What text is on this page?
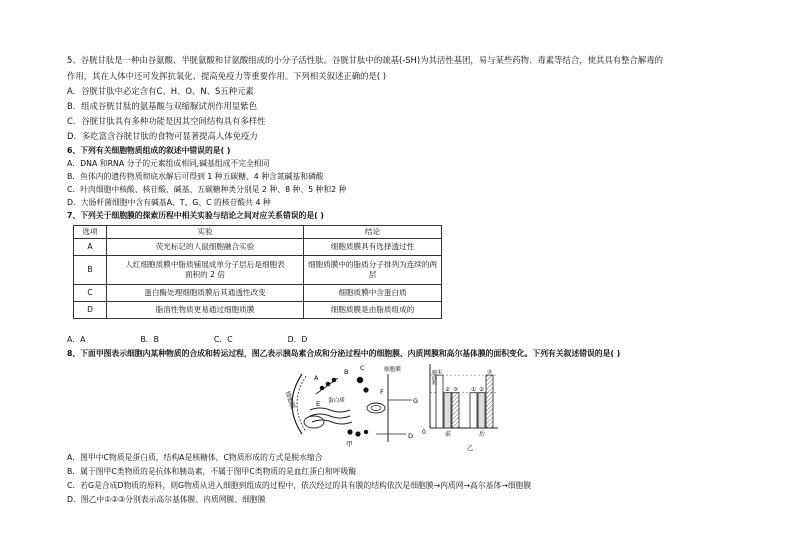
5、谷胱甘肽是一种由谷氨酸、半胱氨酸和甘氨酸组成的小分子活性肽。谷胱甘肽中的巯基(-SH)为其活性基团，易与某些药物、毒素等结合，使其具有整合解毒的
作用，其在人体中还可发挥抗氧化、提高免疫力等重要作用。下列相关叙述正确的是( )
A．谷胱甘肽中必定含有C、H、O、N、S五种元素
B．组成谷胱甘肽的氨基酸与双缩脲试剂作用显紫色
C．谷胱甘肽具有多种功能是因其空间结构具有多样性
D．多吃富含谷胱甘肽的食物可显著提高人体免疫力
6、下列有关细胞物质组成的叙述中错误的是( )
A．DNA 和RNA 分子的元素组成相同,碱基组成不完全相同
B．鱼体内的遗传物质彻底水解后可得到 1 种五碳糖、4 种含氮碱基和磷酸
C．叶肉细胞中核酸、核苷酸、碱基、五碳糖种类分别是 2 种、8 种、5 种和2 种
D．大肠杆菌细胞中含有碱基A、T、G、C 的核苷酸共 4 种
7、下列关于细胞膜的探索历程中相关实验与结论之间对应关系错误的是( )
选项	实验	结论
A	荧光标记的人鼠细胞融合实验	细胞质膜具有选择透过性
B	人红细胞质膜中脂质铺展成单分子层后是细胞表
面积的 2 倍	细胞质膜中的脂质分子排列为连续的两
层
C	蛋白酶处理细胞质膜后其通透性改变	细胞质膜中含蛋白质
D	脂溶性物质更易通过细胞质膜	细胞质膜是由脂质组成的
A．A	B．B	C．C	D．D
8、下面甲图表示细胞内某种物质的合成和转运过程，图乙表示胰岛素合成和分泌过程中的细胞膜、内质网膜和高尔基体膜的面积变化。下列有关叙述错误的是( )
细胞膜
A
B C
D
E
F
G
细胞膜
蛋白质
甲
①
② ③
前
① ②
③
后
0
膜面积
乙
A．图甲中C物质是蛋白质，结构A是核糖体，C物质形成的方式是脱水缩合
B．属于图甲C类物质的是抗体和胰岛素，不属于图甲C类物质的是血红蛋白和呼吸酶
C．若G是合成D物质的原料，则G物质从进入细胞到组成的过程中，依次经过的具有膜的结构依次是细胞膜→内质网→高尔基体→细胞膜
D．图乙中①②③分别表示高尔基体膜、内质网膜、细胞膜
